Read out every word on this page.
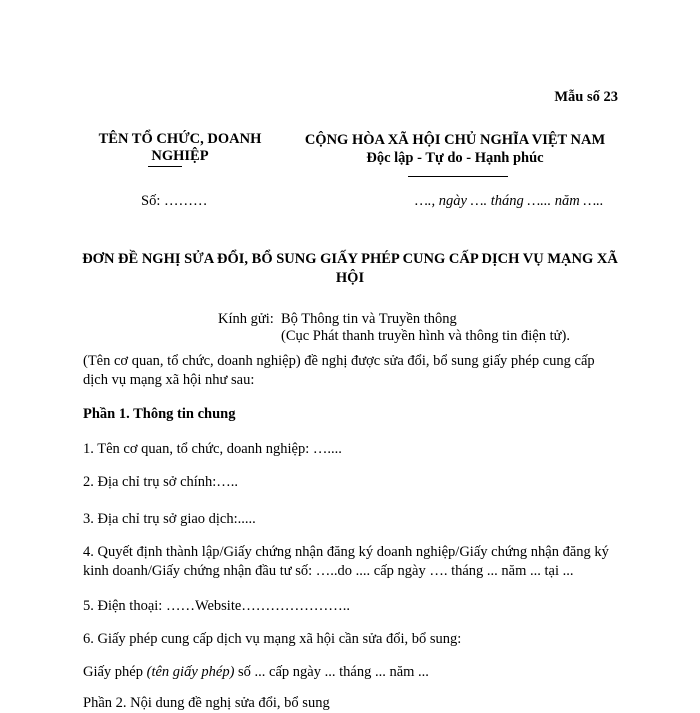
Mẫu số 23
TÊN TỔ CHỨC, DOANH
NGHIỆP
CỘNG HÒA XÃ HỘI CHỦ NGHĨA VIỆT NAM
Độc lập - Tự do - Hạnh phúc
Số: ………	…., ngày …. tháng …... năm …..
ĐƠN ĐỀ NGHỊ SỬA ĐỔI, BỔ SUNG GIẤY PHÉP CUNG CẤP DỊCH VỤ MẠNG XÃ HỘI
Kính gửi: Bộ Thông tin và Truyền thông
(Cục Phát thanh truyền hình và thông tin điện tử).
(Tên cơ quan, tổ chức, doanh nghiệp) đề nghị được sửa đổi, bổ sung giấy phép cung cấp dịch vụ mạng xã hội như sau:
Phần 1. Thông tin chung
1. Tên cơ quan, tổ chức, doanh nghiệp: …....
2. Địa chỉ trụ sở chính:…..
3. Địa chỉ trụ sở giao dịch:.....
4. Quyết định thành lập/Giấy chứng nhận đăng ký doanh nghiệp/Giấy chứng nhận đăng ký kinh doanh/Giấy chứng nhận đầu tư số: …..do .... cấp ngày …. tháng ... năm ... tại ...
5. Điện thoại: ……Website…………………..
6. Giấy phép cung cấp dịch vụ mạng xã hội cần sửa đổi, bổ sung:
Giấy phép (tên giấy phép) số ... cấp ngày ... tháng ... năm ...
Phần 2. Nội dung đề nghị sửa đổi, bổ sung
